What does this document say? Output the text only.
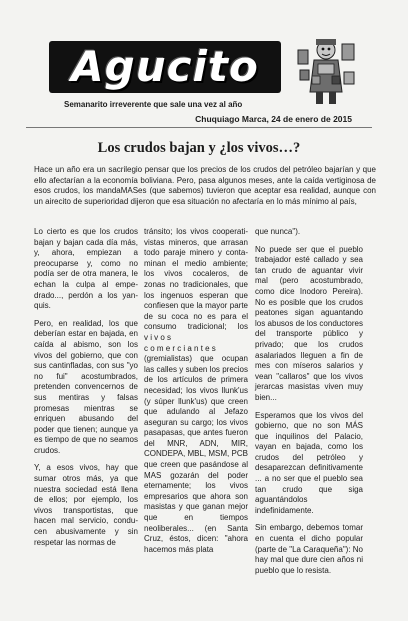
Agucito
Semanarito irreverente que sale una vez al año
Chuquiago Marca, 24 de enero de 2015
Los crudos bajan y ¿los vivos…?
Hace un año era un sacrilegio pensar que los precios de los crudos del petróleo bajarían y que ello afectarían a la economía boliviana. Pero, pasa algunos meses, ante la caída vertiginosa de esos crudos, los mandaMASes (que sabemos) tuvieron que aceptar esa realidad, aunque con un airecito de superioridad dijeron que esa situación no afectaría en lo más mínimo al país,

Lo cierto es que los crudos bajan y bajan cada día más, y, ahora, empiezan a preocuparse y, como no podía ser de otra manera, le echan la culpa al empedrado..., perdón a los yanquis.

Pero, en realidad, los que deberían estar en bajada, en caída al abismo, son los vivos del gobierno, que con sus cantinfladas, con sus "yo no fui" acostumbrados, pretenden convencernos de sus mentiras y falsas promesas mientras se enriquen abusando del poder que tienen; aunque ya es tiempo de que no seamos crudos.

Y, a esos vivos, hay que sumar otros más, ya que nuestra sociedad está llena de ellos; por ejemplo, los vivos transportistas, que hacen mal servicio, conducen abusivamente y sin respetar las normas de

tránsito; los vivos cooperativistas mineros, que arrasan todo paraje minero y contaminan el medio ambiente; los vivos cocaleros, de zonas no tradicionales, que los ingenuos esperan que confiesen que la mayor parte de su coca no es para el consumo tradicional; los vivos comerciantes (gremialistas) que ocupan las calles y suben los precios de los artículos de primera necesidad; los vivos llunk'us (y súper llunk'us) que creen que adulando al Jefazo aseguran su cargo; los vivos pasapasas, que antes fueron del MNR, ADN, MIR, CONDEPA, MBL, MSM, PCB que creen que pasándose al MAS gozarán del poder eternamente; los vivos empresarios que ahora son masistas y que ganan mejor que en tiempos neoliberales... (en Santa Cruz, éstos, dicen: "ahora hacemos más plata

que nunca").

No puede ser que el pueblo trabajador esté callado y sea tan crudo de aguantar vivir mal (pero acostumbrado, como dice Inodoro Pereira). No es posible que los crudos peatones sigan aguantando los abusos de los conductores del transporte público y privado; que los crudos asalariados lleguen a fin de mes con míseros salarios y vean "callaros" que los vivos jerarcas masistas viven muy bien...

Esperamos que los vivos del gobierno, que no son MÁS que inquilinos del Palacio, vayan en bajada, como los crudos del petróleo y desaparezcan definitivamente ... a no ser que el pueblo sea tan crudo que siga aguantándolos indefinidamente.

Sin embargo, debemos tomar en cuenta el dicho popular (parte de "La Caraqueña"): No hay mal que dure cien años ni pueblo que lo resista.
